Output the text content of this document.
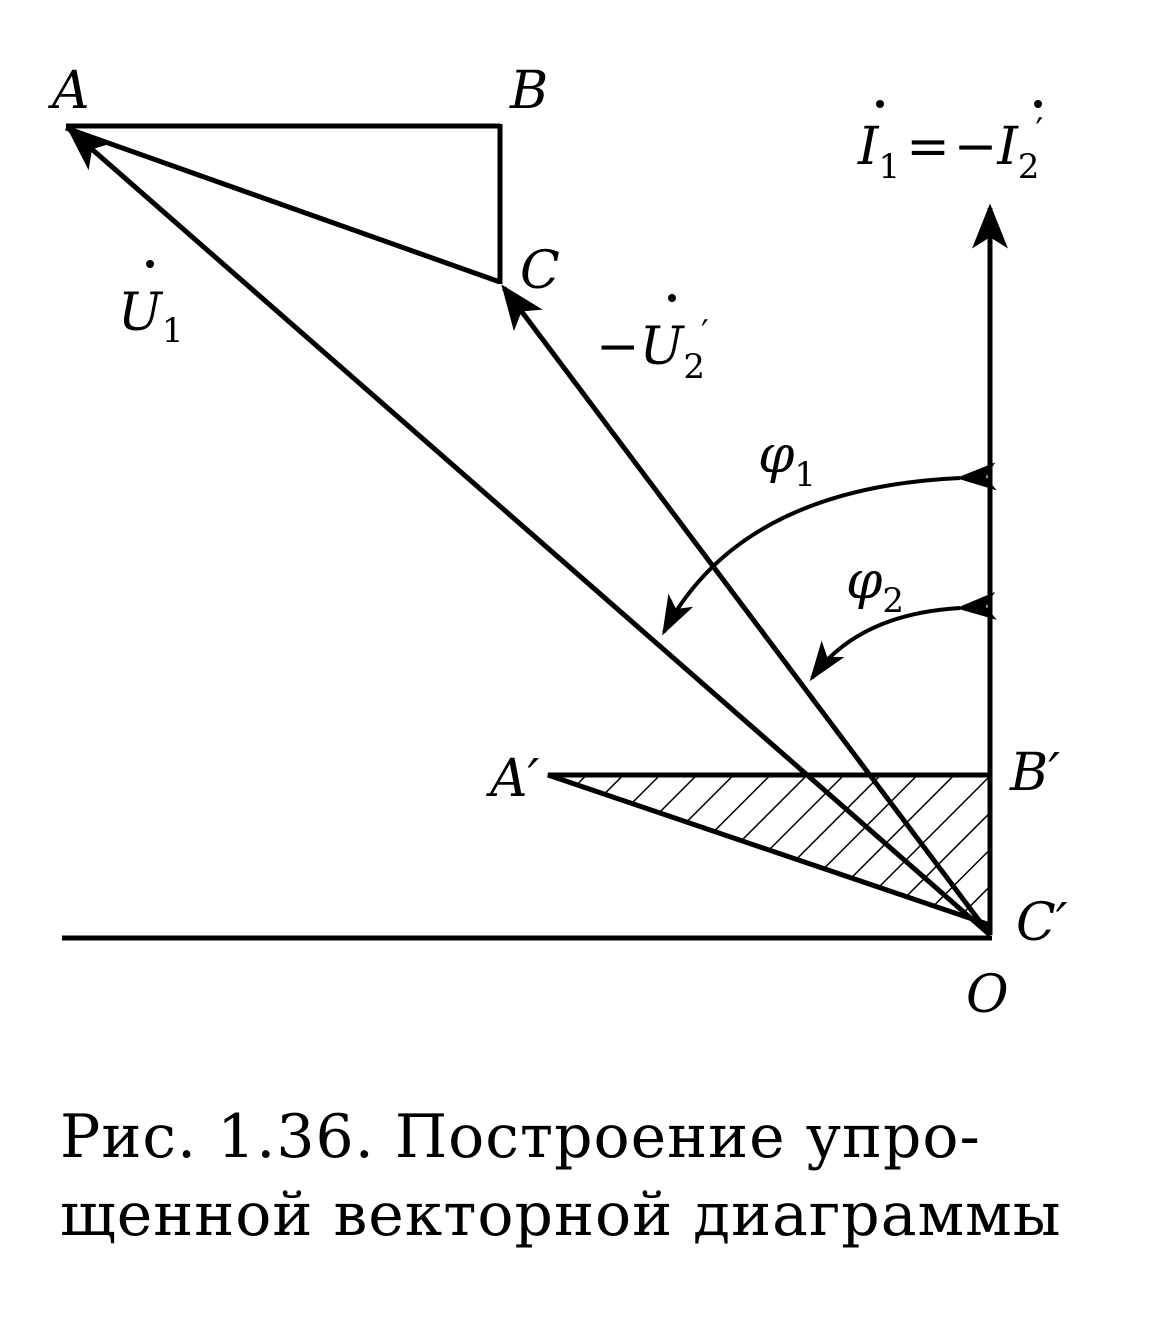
A	B
C
A′	B′
C′
O
$U_1$	$-U_2'$
$I_1 =-I_2'$
$\varphi_1$
$\varphi_2$
Рис. 1.36. Построение упро-
щенной векторной диаграммы
